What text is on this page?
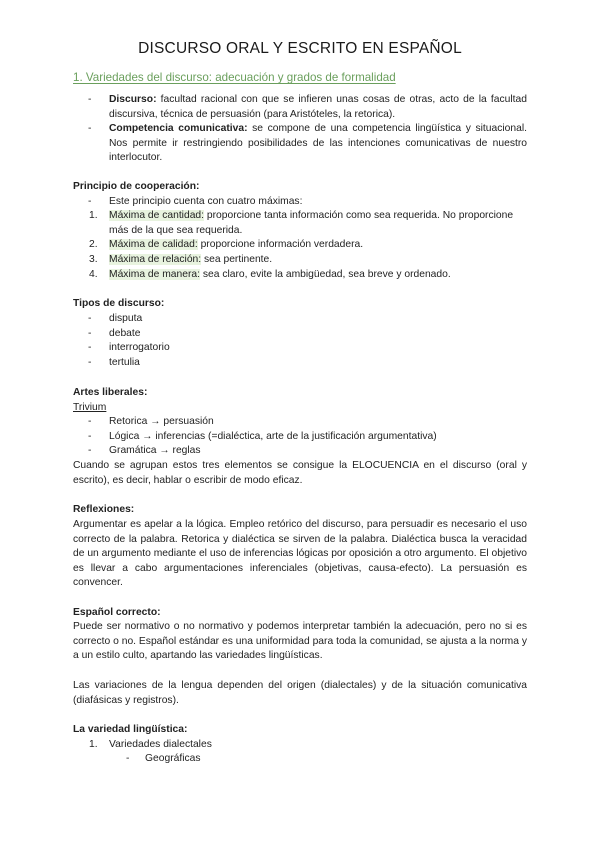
DISCURSO ORAL Y ESCRITO EN ESPAÑOL
1. Variedades del discurso: adecuación y grados de formalidad
- Discurso: facultad racional con que se infieren unas cosas de otras, acto de la facultad discursiva, técnica de persuasión (para Aristóteles, la retorica).
- Competencia comunicativa: se compone de una competencia lingüística y situacional. Nos permite ir restringiendo posibilidades de las intenciones comunicativas de nuestro interlocutor.
Principio de cooperación:
- Este principio cuenta con cuatro máximas:
1. Máxima de cantidad: proporcione tanta información como sea requerida. No proporcione más de la que sea requerida.
2. Máxima de calidad: proporcione información verdadera.
3. Máxima de relación: sea pertinente.
4. Máxima de manera: sea claro, evite la ambigüedad, sea breve y ordenado.
Tipos de discurso:
- disputa
- debate
- interrogatorio
- tertulia
Artes liberales:
Trivium
- Retorica → persuasión
- Lógica → inferencias (=dialéctica, arte de la justificación argumentativa)
- Gramática → reglas
Cuando se agrupan estos tres elementos se consigue la ELOCUENCIA en el discurso (oral y escrito), es decir, hablar o escribir de modo eficaz.
Reflexiones:
Argumentar es apelar a la lógica. Empleo retórico del discurso, para persuadir es necesario el uso correcto de la palabra. Retorica y dialéctica se sirven de la palabra. Dialéctica busca la veracidad de un argumento mediante el uso de inferencias lógicas por oposición a otro argumento. El objetivo es llevar a cabo argumentaciones inferenciales (objetivas, causa-efecto). La persuasión es convencer.
Español correcto:
Puede ser normativo o no normativo y podemos interpretar también la adecuación, pero no si es correcto o no. Español estándar es una uniformidad para toda la comunidad, se ajusta a la norma y a un estilo culto, apartando las variedades lingüísticas.
Las variaciones de la lengua dependen del origen (dialectales) y de la situación comunicativa (diafásicas y registros).
La variedad lingüística:
1. Variedades dialectales
- Geográficas
